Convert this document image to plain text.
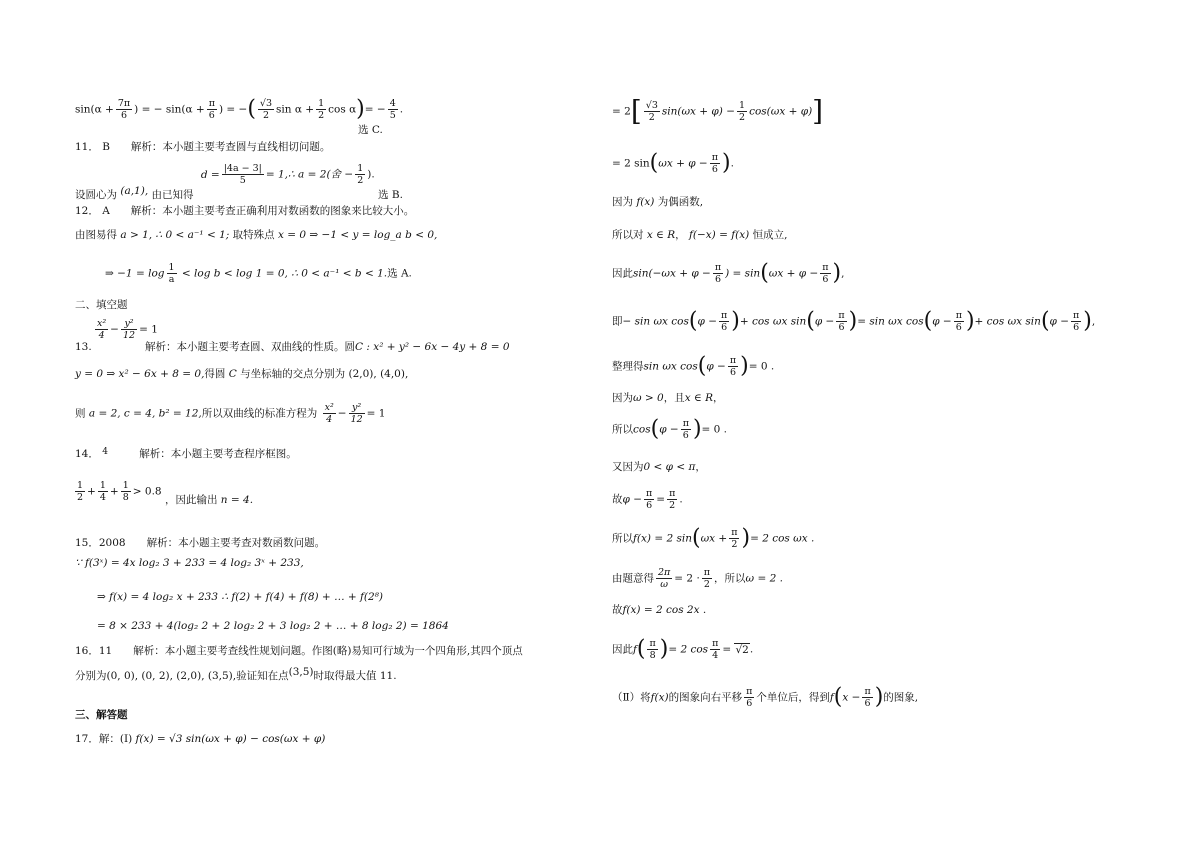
$\sin(\alpha + \frac{7\pi}{6}$ ) = − $\sin(\alpha + \frac{\pi}{6}$ ) = −( $\frac{√3}{2}$ $\sin \alpha + \frac{1}{2}$ $\cos \alpha)= - \frac{4}{5}$ .
选 C.
11． B　　解析：本小题主要考查圆与直线相切问题。
设圆心为 (a,1), 由已知得 $d = \frac{|4a - 3|}{5}$ = 1,∴ a = 2(舍 − $\frac{1}{2}$ ). 选 B.
12． A　　解析：本小题主要考查正确利用对数函数的图象来比较大小。
由图易得 a > 1, ∴ 0 < a⁻¹ < 1; 取特殊点 x = 0 ⇒ −1 < y = log_a b < 0,
⇒ $-1 = \log \frac{1}{a} < \log b < \log 1 = 0$, ∴ 0 < a⁻¹ < b < 1.选 A.
二、填空题
$\frac{\text{x²}}{4} - \frac{\text{y²}}{12} = 1$
13.	解析：本小题主要考查圆、双曲线的性质。圆C : x² + y² − 6x − 4y + 8 = 0
y = 0 ⇒ x² − 6x + 8 = 0,得圆 C 与坐标轴的交点分别为 (2,0), (4,0),
则 a = 2, c = 4, b² = 12,所以双曲线的标准方程为 $\frac{\text{x²}}{4} - \frac{\text{y²}}{12} = 1$
14． 4	解析：本小题主要考查程序框图。
$\frac{1}{2} + \frac{1}{4} + \frac{1}{8} > 0.8$ ，因此输出 n = 4.
15．2008　　解析：本小题主要考查对数函数问题。
∵ f(3ˣ) = 4x log₂ 3 + 233 = 4 log₂ 3ˣ + 233,
⇒ f(x) = 4 log₂ x + 233 ∴ f(2) + f(4) + f(8) + … + f(2⁸)
= 8 × 233 + 4(log₂ 2 + 2 log₂ 2 + 3 log₂ 2 + … + 8 log₂ 2) = 1864
16．11　　解析：本小题主要考查线性规划问题。作图(略)易知可行域为一个四角形,其四个顶点
分别为(0, 0), (0, 2), (2,0), (3,5),验证知在点(3,5)时取得最大值 11.
三、解答题
17．解：(Ⅰ) f(x) = √3 sin(ωx + φ) − cos(ωx + φ)
= $2[ \frac{√3}{2} \sin(\omega x + \varphi) - \frac{1}{2} \cos(\omega x + \varphi)]$
= 2 $\sin(\omega x + \varphi - \frac{\pi}{6}$ ).
因为 f(x) 为偶函数,
所以对 x ∈ R， f(−x) = f(x) 恒成立,
因此$\sin(-\omega x + \varphi - \frac{\pi}{6}$ ) = $\sin(\omega x + \varphi - \frac{\pi}{6}$ ),
即− sin ωx $\cos(\varphi - \frac{\pi}{6}$ )+ cos ωx $\sin(\varphi - \frac{\pi}{6}$ )= sin ωx $\cos(\varphi - \frac{\pi}{6}$ )+ cos ωx $\sin(\varphi - \frac{\pi}{6}$ ),
整理得sin ωx $\cos(\varphi - \frac{\pi}{6}$ )= 0 .
因为ω > 0，且x ∈ R，
所以$\cos(\varphi - \frac{\pi}{6}$ )= 0 .
又因为0 < φ < π，
故$\varphi - \frac{\pi}{6} = \frac{\pi}{2}$ .
所以f(x) = 2 $\sin(\omega x + \frac{\pi}{2}$ )= 2 cos ωx .
由题意得 $\frac{2\pi}{\omega} = 2 \cdot \frac{\pi}{2}$ ，所以ω = 2 .
故f(x) = 2 cos 2x .
因此$f( \frac{\pi}{8}$ )= 2 $\cos \frac{\pi}{4} = √2$.
（Ⅱ）将f(x)的图象向右平移 $\frac{\pi}{6}$ 个单位后，得到$f(x - \frac{\pi}{6}$ )的图象,
